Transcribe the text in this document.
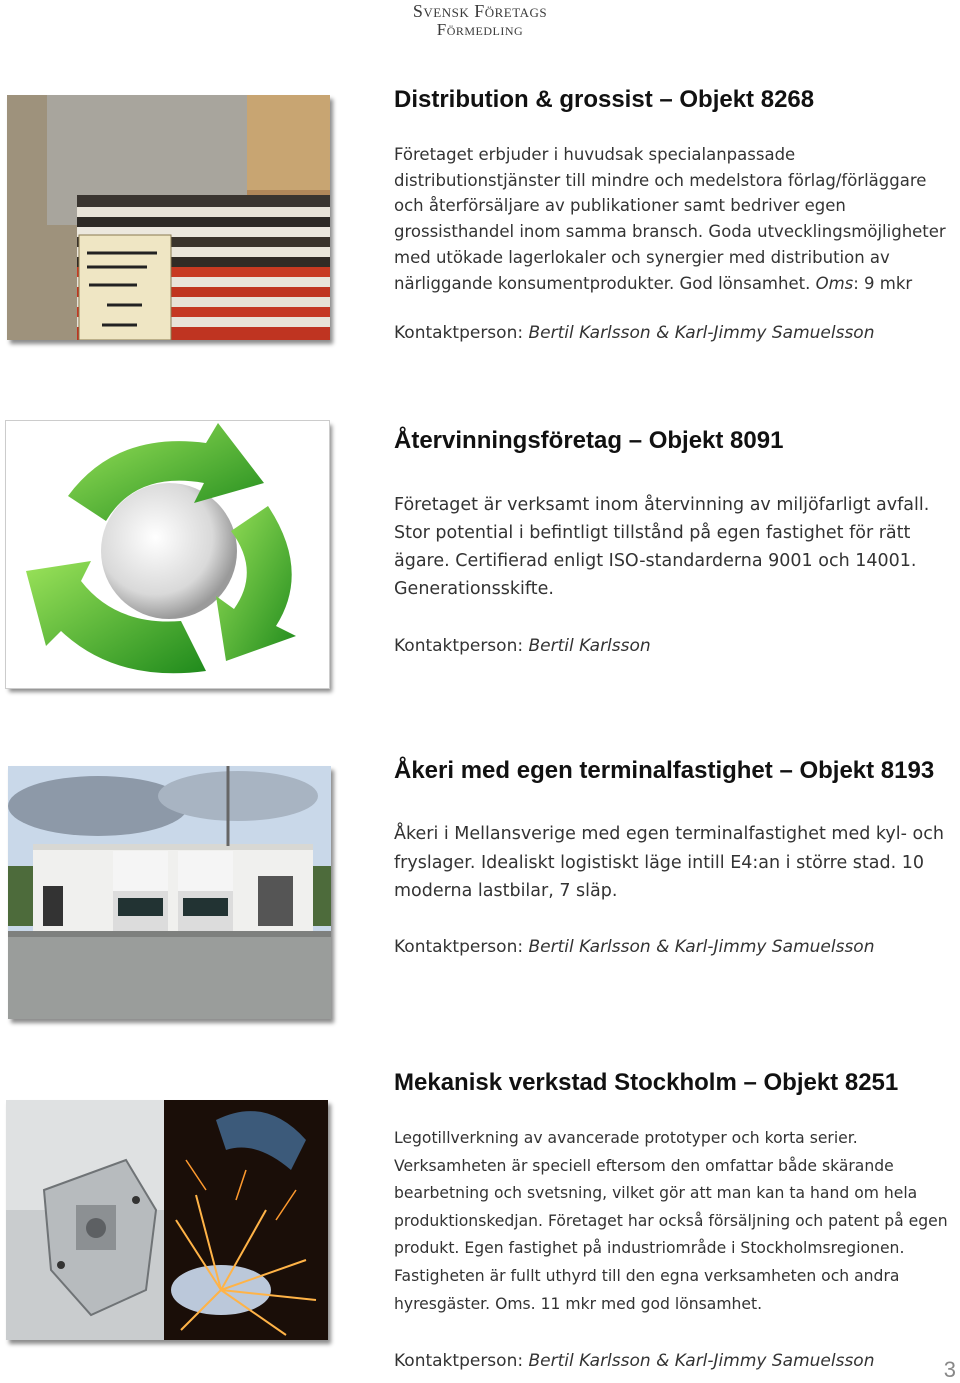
Svensk Företags
Förmedling
Distribution & grossist – Objekt 8268
Företaget erbjuder i huvudsak specialanpassade distributionstjänster till mindre och medelstora förlag/förläggare och återförsäljare av publikationer samt bedriver egen grossisthandel inom samma bransch. Goda utvecklingsmöjligheter med utökade lagerlokaler och synergier med distribution av närliggande konsumentprodukter. God lönsamhet. Oms: 9 mkr
Kontaktperson: Bertil Karlsson & Karl-Jimmy Samuelsson
Återvinningsföretag – Objekt 8091
Företaget är verksamt inom återvinning av miljöfarligt avfall. Stor potential i befintligt tillstånd på egen fastighet för rätt ägare. Certifierad enligt ISO-standarderna 9001 och 14001. Generationsskifte.
Kontaktperson: Bertil Karlsson
Åkeri med egen terminalfastighet – Objekt 8193
Åkeri i Mellansverige med egen terminalfastighet med kyl- och fryslager. Idealiskt logistiskt läge intill E4:an i större stad. 10 moderna lastbilar, 7 släp.
Kontaktperson: Bertil Karlsson & Karl-Jimmy Samuelsson
Mekanisk verkstad Stockholm – Objekt 8251
Legotillverkning av avancerade prototyper och korta serier. Verksamheten är speciell eftersom den omfattar både skärande bearbetning och svetsning, vilket gör att man kan ta hand om hela produktionskedjan. Företaget har också försäljning och patent på egen produkt. Egen fastighet på industriområde i Stockholmsregionen. Fastigheten är fullt uthyrd till den egna verksamheten och andra hyresgäster. Oms. 11 mkr med god lönsamhet.
Kontaktperson: Bertil Karlsson & Karl-Jimmy Samuelsson	3
